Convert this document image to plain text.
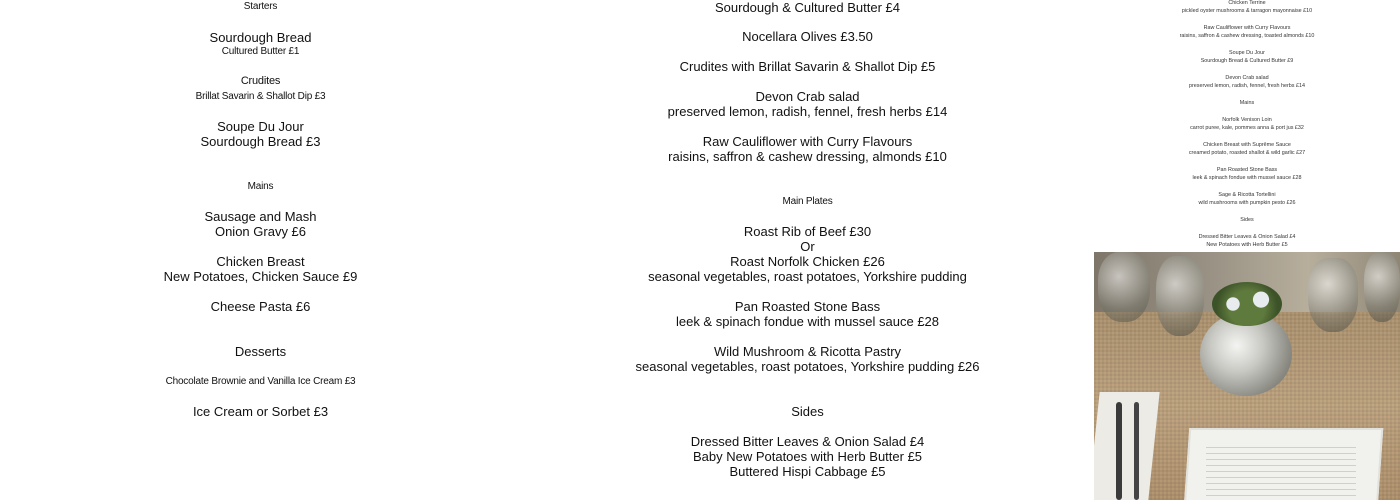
Starters
Sourdough Bread
Cultured Butter £1
Crudites
Brillat Savarin & Shallot Dip £3
Soupe Du Jour
Sourdough Bread £3
Mains
Sausage and Mash
Onion Gravy £6
Chicken Breast
New Potatoes, Chicken Sauce £9
Cheese Pasta £6
Desserts
Chocolate Brownie and Vanilla Ice Cream £3
Ice Cream or Sorbet £3
Sourdough & Cultured Butter £4
Nocellara Olives £3.50
Crudites with Brillat Savarin & Shallot Dip £5
Devon Crab salad
preserved lemon, radish, fennel, fresh herbs £14
Raw Cauliflower with Curry Flavours
raisins, saffron & cashew dressing, almonds £10
Main Plates
Roast Rib of Beef £30
Or
Roast Norfolk Chicken £26
seasonal vegetables, roast potatoes, Yorkshire pudding
Pan Roasted Stone Bass
leek & spinach fondue with mussel sauce £28
Wild Mushroom & Ricotta Pastry
seasonal vegetables, roast potatoes, Yorkshire pudding £26
Sides
Dressed Bitter Leaves & Onion Salad £4
Baby New Potatoes with Herb Butter £5
Buttered Hispi Cabbage £5
Chicken Terrine
pickled oyster mushrooms & tarragon mayonnaise £10
Raw Cauliflower with Curry Flavours
raisins, saffron & cashew dressing, toasted almonds £10
Soupe Du Jour
Sourdough Bread & Cultured Butter £9
Devon Crab salad
preserved lemon, radish, fennel, fresh herbs £14
Mains
Norfolk Venison Loin
carrot puree, kale, pommes anna & port jus £32
Chicken Breast with Suprême Sauce
creamed potato, roasted shallot & wild garlic £27
Pan Roasted Stone Bass
leek & spinach fondue with mussel sauce £28
Sage & Ricotta Tortellini
wild mushrooms with pumpkin pesto £26
Sides
Dressed Bitter Leaves & Onion Salad £4
New Potatoes with Herb Butter £5
